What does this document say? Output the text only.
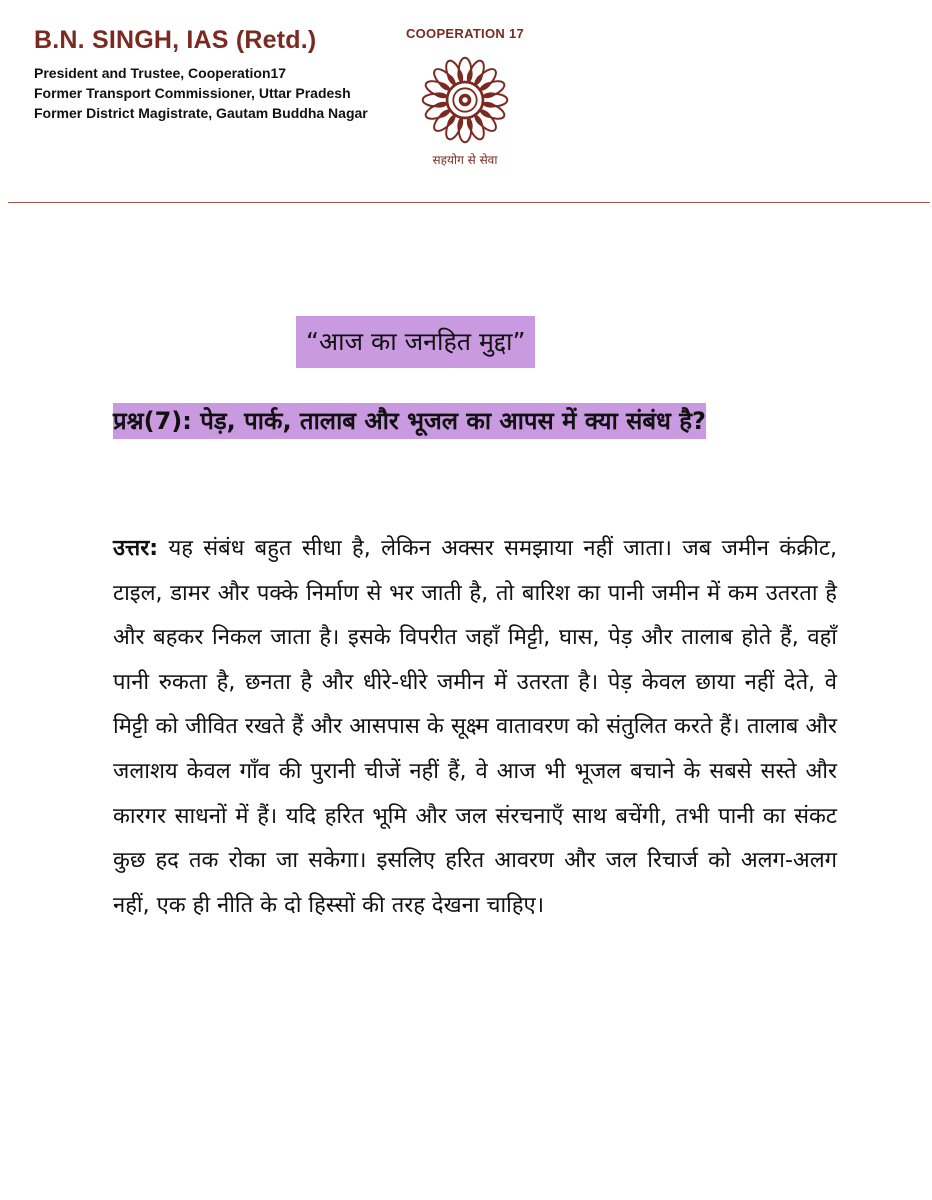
B.N. SINGH, IAS (Retd.)
President and Trustee, Cooperation17
Former Transport Commissioner, Uttar Pradesh
Former District Magistrate, Gautam Buddha Nagar
COOPERATION 17
सहयोग से सेवा
“आज का जनहित मुद्दा”
प्रश्न(7): पेड़, पार्क, तालाब और भूजल का आपस में क्या संबंध है?
उत्तर: यह संबंध बहुत सीधा है, लेकिन अक्सर समझाया नहीं जाता। जब जमीन कंक्रीट, टाइल, डामर और पक्के निर्माण से भर जाती है, तो बारिश का पानी जमीन में कम उतरता है और बहकर निकल जाता है। इसके विपरीत जहाँ मिट्टी, घास, पेड़ और तालाब होते हैं, वहाँ पानी रुकता है, छनता है और धीरे-धीरे जमीन में उतरता है। पेड़ केवल छाया नहीं देते, वे मिट्टी को जीवित रखते हैं और आसपास के सूक्ष्म वातावरण को संतुलित करते हैं। तालाब और जलाशय केवल गाँव की पुरानी चीजें नहीं हैं, वे आज भी भूजल बचाने के सबसे सस्ते और कारगर साधनों में हैं। यदि हरित भूमि और जल संरचनाएँ साथ बचेंगी, तभी पानी का संकट कुछ हद तक रोका जा सकेगा। इसलिए हरित आवरण और जल रिचार्ज को अलग-अलग नहीं, एक ही नीति के दो हिस्सों की तरह देखना चाहिए।
